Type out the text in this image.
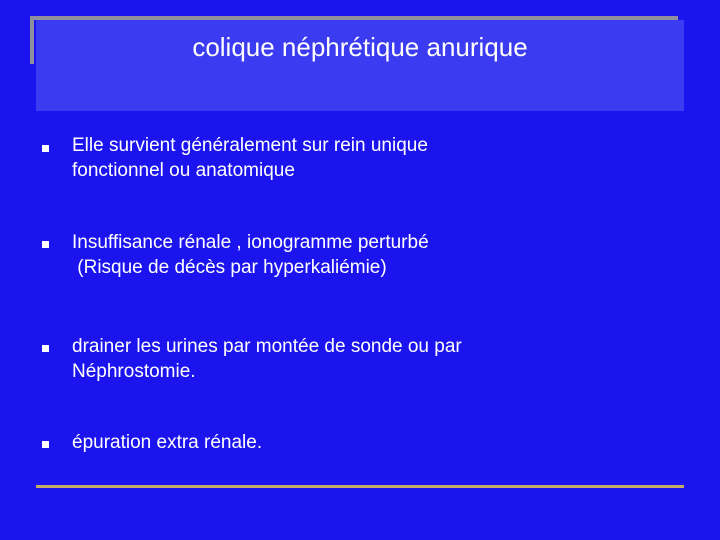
colique néphrétique anurique
Elle survient généralement sur rein unique
fonctionnel ou anatomique
Insuffisance rénale , ionogramme perturbé
(Risque de décès par hyperkaliémie)
drainer les urines par montée de sonde ou par
Néphrostomie.
épuration extra rénale.
